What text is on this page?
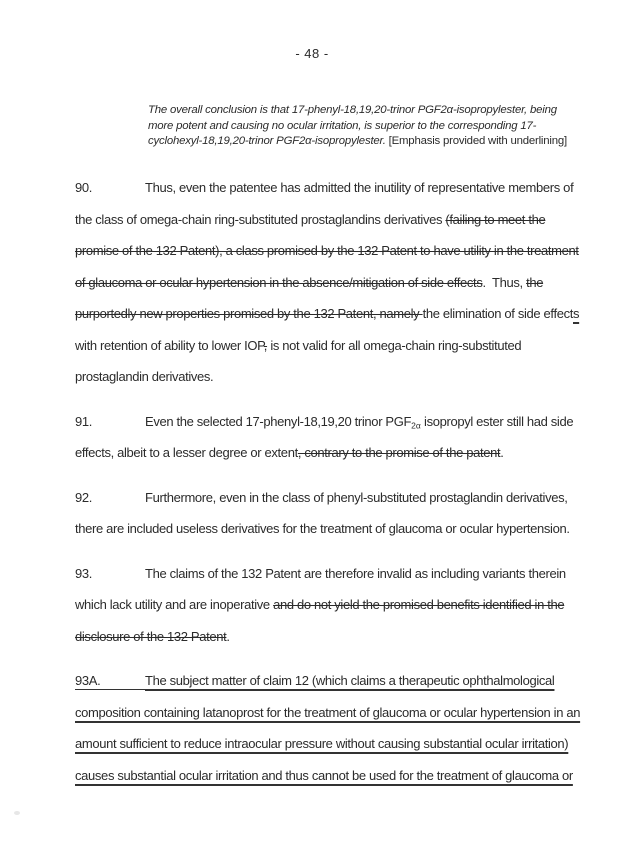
- 48 -
The overall conclusion is that 17-phenyl-18,19,20-trinor PGF2α-isopropylester, being
more potent and causing no ocular irritation, is superior to the corresponding 17-
cyclohexyl-18,19,20-trinor PGF2α-isopropylester. [Emphasis provided with underlining]
90.	Thus, even the patentee has admitted the inutility of representative members of
the class of omega-chain ring-substituted prostaglandins derivatives (failing to meet the
promise of the 132 Patent), a class promised by the 132 Patent to have utility in the treatment
of glaucoma or ocular hypertension in the absence/mitigation of side effects.  Thus, the
purportedly new properties promised by the 132 Patent, namely the elimination of side effects
with retention of ability to lower IOP, is not valid for all omega-chain ring-substituted
prostaglandin derivatives.
91.	Even the selected 17-phenyl-18,19,20 trinor PGF2α isopropyl ester still had side
effects, albeit to a lesser degree or extent, contrary to the promise of the patent.
92.	Furthermore, even in the class of phenyl-substituted prostaglandin derivatives,
there are included useless derivatives for the treatment of glaucoma or ocular hypertension.
93.	The claims of the 132 Patent are therefore invalid as including variants therein
which lack utility and are inoperative and do not yield the promised benefits identified in the
disclosure of the 132 Patent.
93A.	The subject matter of claim 12 (which claims a therapeutic ophthalmological
composition containing latanoprost for the treatment of glaucoma or ocular hypertension in an
amount sufficient to reduce intraocular pressure without causing substantial ocular irritation)
causes substantial ocular irritation and thus cannot be used for the treatment of glaucoma or
